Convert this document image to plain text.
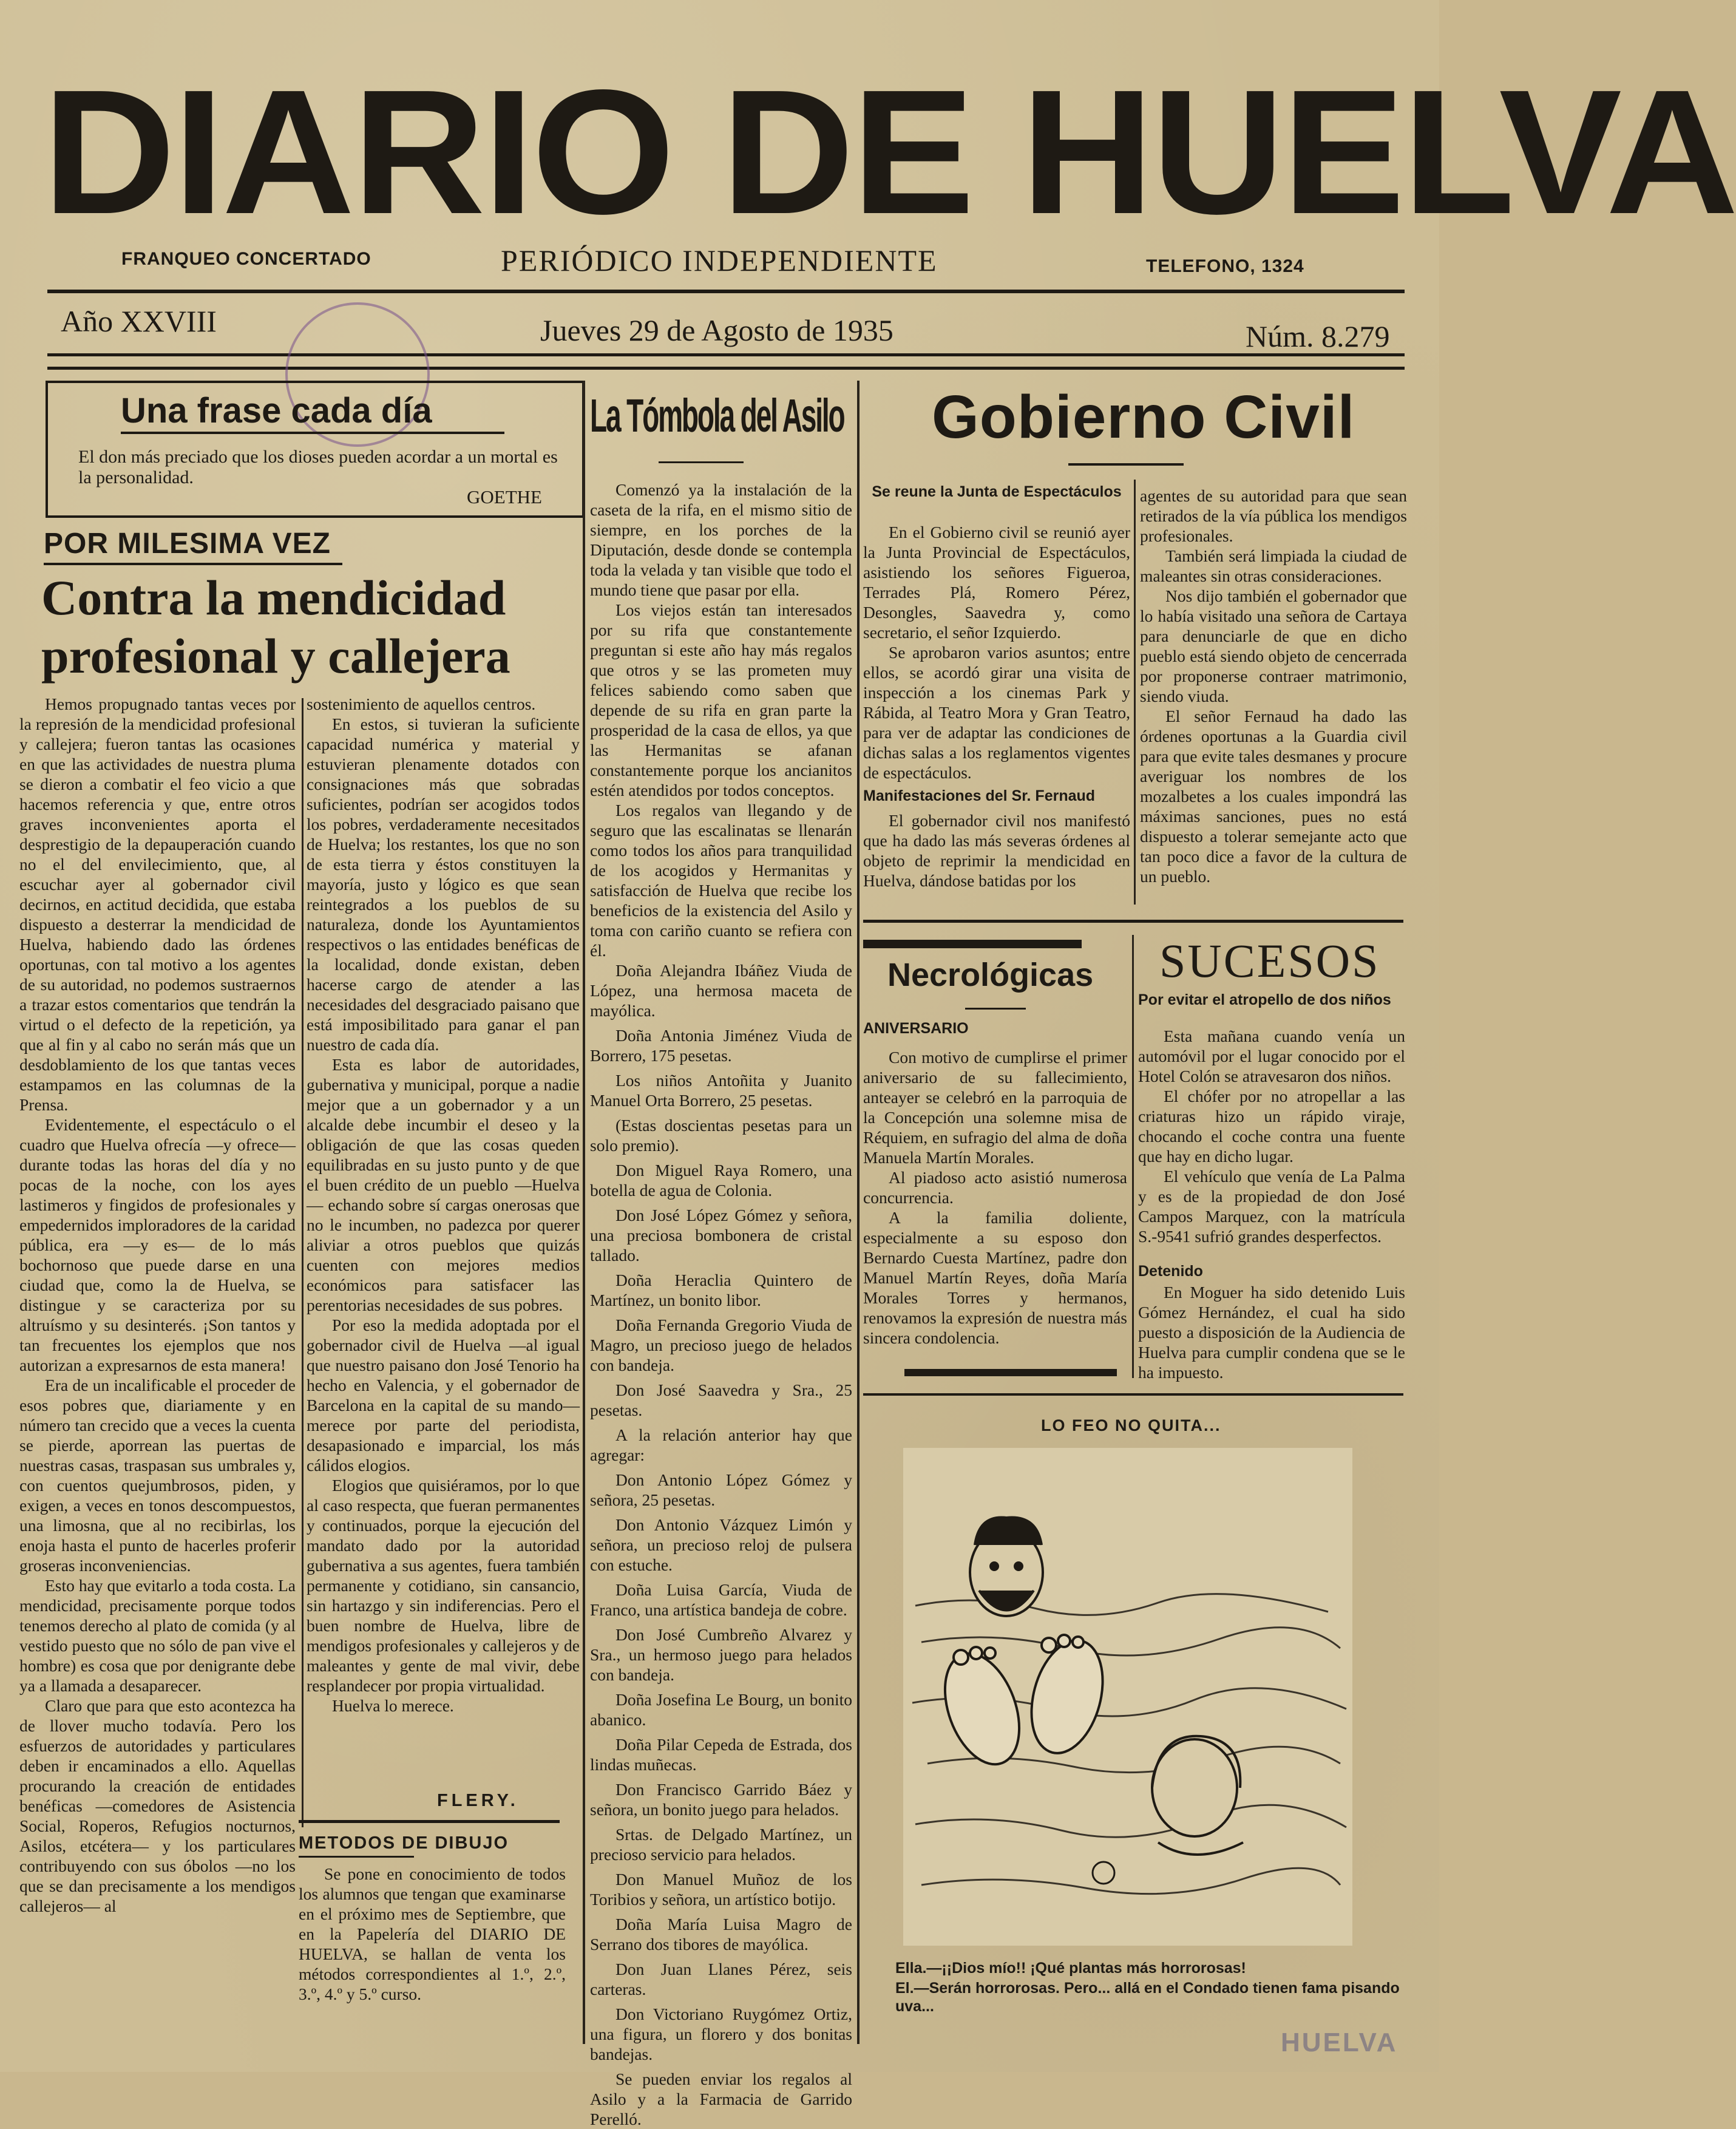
DIARIO DE HUELVA
FRANQUEO CONCERTADO	PERIÓDICO INDEPENDIENTE	TELEFONO, 1324
Año XXVIII	Jueves 29 de Agosto de 1935	Núm. 8.279
Una frase cada día
El don más preciado que los dioses pueden acordar a un mortal es la personalidad.
GOETHE
POR MILESIMA VEZ
Contra la mendicidad
profesional y callejera

Hemos propugnado tantas veces por la represión de la mendicidad profesional y callejera; fueron tantas las ocasiones en que las actividades de nuestra pluma se dieron a combatir el feo vicio a que hacemos referencia y que, entre otros graves inconvenientes aporta el desprestigio de la depauperación cuando no el del envilecimiento, que, al escuchar ayer al gobernador civil decirnos, en actitud decidida, que estaba dispuesto a desterrar la mendicidad de Huelva, habiendo dado las órdenes oportunas, con tal motivo a los agentes de su autoridad, no podemos sustraernos a trazar estos comentarios que tendrán la virtud o el defecto de la repetición, ya que al fin y al cabo no serán más que un desdoblamiento de los que tantas veces estampamos en las columnas de la Prensa.

Evidentemente, el espectáculo o el cuadro que Huelva ofrecía —y ofrece— durante todas las horas del día y no pocas de la noche, con los ayes lastimeros y fingidos de profesionales y empedernidos imploradores de la caridad pública, era —y es— de lo más bochornoso que puede darse en una ciudad que, como la de Huelva, se distingue y se caracteriza por su altruísmo y su desinterés. ¡Son tantos y tan frecuentes los ejemplos que nos autorizan a expresarnos de esta manera!

Era de un incalificable el proceder de esos pobres que, diariamente y en número tan crecido que a veces la cuenta se pierde, aporrean las puertas de nuestras casas, traspasan sus umbrales y, con cuentos quejumbrosos, piden, y exigen, a veces en tonos descompuestos, una limosna, que al no recibirlas, los enoja hasta el punto de hacerles proferir groseras inconveniencias.

Esto hay que evitarlo a toda costa. La mendicidad, precisamente porque todos tenemos derecho al plato de comida (y al vestido puesto que no sólo de pan vive el hombre) es cosa que por denigrante debe ya a llamada a desaparecer.

Claro que para que esto acontezca ha de llover mucho todavía. Pero los esfuerzos de autoridades y particulares deben ir encaminados a ello. Aquellas procurando la creación de entidades benéficas —comedores de Asistencia Social, Roperos, Refugios nocturnos, Asilos, etcétera— y los particulares contribuyendo con sus óbolos —no los que se dan precisamente a los mendigos callejeros— al

sostenimiento de aquellos centros.

En estos, si tuvieran la suficiente capacidad numérica y material y estuvieran plenamente dotados con consignaciones más que sobradas suficientes, podrían ser acogidos todos los pobres, verdaderamente necesitados de Huelva; los restantes, los que no son de esta tierra y éstos constituyen la mayoría, justo y lógico es que sean reintegrados a los pueblos de su naturaleza, donde los Ayuntamientos respectivos o las entidades benéficas de la localidad, donde existan, deben hacerse cargo de atender a las necesidades del desgraciado paisano que está imposibilitado para ganar el pan nuestro de cada día.

Esta es labor de autoridades, gubernativa y municipal, porque a nadie mejor que a un gobernador y a un alcalde debe incumbir el deseo y la obligación de que las cosas queden equilibradas en su justo punto y de que el buen crédito de un pueblo —Huelva— echando sobre sí cargas onerosas que no le incumben, no padezca por querer aliviar a otros pueblos que quizás cuenten con mejores medios económicos para satisfacer las perentorias necesidades de sus pobres.

Por eso la medida adoptada por el gobernador civil de Huelva —al igual que nuestro paisano don José Tenorio ha hecho en Valencia, y el gobernador de Barcelona en la capital de su mando— merece por parte del periodista, desapasionado e imparcial, los más cálidos elogios.

Elogios que quisiéramos, por lo que al caso respecta, que fueran permanentes y continuados, porque la ejecución del mandato dado por la autoridad gubernativa a sus agentes, fuera también permanente y cotidiano, sin cansancio, sin hartazgo y sin indiferencias. Pero el buen nombre de Huelva, libre de mendigos profesionales y callejeros y de maleantes y gente de mal vivir, debe resplandecer por propia virtualidad.

Huelva lo merece.

FLERY.
METODOS DE DIBUJO

Se pone en conocimiento de todos los alumnos que tengan que examinarse en el próximo mes de Septiembre, que en la Papelería del DIARIO DE HUELVA, se hallan de venta los métodos correspondientes al 1.º, 2.º, 3.º, 4.º y 5.º curso.

La Tómbola del Asilo

Comenzó ya la instalación de la caseta de la rifa, en el mismo sitio de siempre, en los porches de la Diputación, desde donde se contempla toda la velada y tan visible que todo el mundo tiene que pasar por ella.

Los viejos están tan interesados por su rifa que constantemente preguntan si este año hay más regalos que otros y se las prometen muy felices sabiendo como saben que depende de su rifa en gran parte la prosperidad de la casa de ellos, ya que las Hermanitas se afanan constantemente porque los ancianitos estén atendidos por todos conceptos.

Los regalos van llegando y de seguro que las escalinatas se llenarán como todos los años para tranquilidad de los acogidos y Hermanitas y satisfacción de Huelva que recibe los beneficios de la existencia del Asilo y toma con cariño cuanto se refiera con él.

Doña Alejandra Ibáñez Viuda de López, una hermosa maceta de mayólica.

Doña Antonia Jiménez Viuda de Borrero, 175 pesetas.

Los niños Antoñita y Juanito Manuel Orta Borrero, 25 pesetas.

(Estas doscientas pesetas para un solo premio).

Don Miguel Raya Romero, una botella de agua de Colonia.

Don José López Gómez y señora, una preciosa bombonera de cristal tallado.

Doña Heraclia Quintero de Martínez, un bonito libor.

Doña Fernanda Gregorio Viuda de Magro, un precioso juego de helados con bandeja.

Don José Saavedra y Sra., 25 pesetas.

A la relación anterior hay que agregar:

Don Antonio López Gómez y señora, 25 pesetas.

Don Antonio Vázquez Limón y señora, un precioso reloj de pulsera con estuche.

Doña Luisa García, Viuda de Franco, una artística bandeja de cobre.

Don José Cumbreño Alvarez y Sra., un hermoso juego para helados con bandeja.

Doña Josefina Le Bourg, un bonito abanico.

Doña Pilar Cepeda de Estrada, dos lindas muñecas.

Don Francisco Garrido Báez y señora, un bonito juego para helados.

Srtas. de Delgado Martínez, un precioso servicio para helados.

Don Manuel Muñoz de los Toribios y señora, un artístico botijo.

Doña María Luisa Magro de Serrano dos tibores de mayólica.

Don Juan Llanes Pérez, seis carteras.

Don Victoriano Ruygómez Ortiz, una figura, un florero y dos bonitas bandejas.

Se pueden enviar los regalos al Asilo y a la Farmacia de Garrido Perelló.

Gobierno Civil
Se reune la Junta de Espectáculos

En el Gobierno civil se reunió ayer la Junta Provincial de Espectáculos, asistiendo los señores Figueroa, Terrades Plá, Romero Pérez, Desongles, Saavedra y, como secretario, el señor Izquierdo.

Se aprobaron varios asuntos; entre ellos, se acordó girar una visita de inspección a los cinemas Park y Rábida, al Teatro Mora y Gran Teatro, para ver de adaptar las condiciones de dichas salas a los reglamentos vigentes de espectáculos.

Manifestaciones del Sr. Fernaud

El gobernador civil nos manifestó que ha dado las más severas órdenes al objeto de reprimir la mendicidad en Huelva, dándose batidas por los

agentes de su autoridad para que sean retirados de la vía pública los mendigos profesionales.

También será limpiada la ciudad de maleantes sin otras consideraciones.

Nos dijo también el gobernador que lo había visitado una señora de Cartaya para denunciarle de que en dicho pueblo está siendo objeto de cencerrada por proponerse contraer matrimonio, siendo viuda.

El señor Fernaud ha dado las órdenes oportunas a la Guardia civil para que evite tales desmanes y procure averiguar los nombres de los mozalbetes a los cuales impondrá las máximas sanciones, pues no está dispuesto a tolerar semejante acto que tan poco dice a favor de la cultura de un pueblo.

Necrológicas
ANIVERSARIO

Con motivo de cumplirse el primer aniversario de su fallecimiento, anteayer se celebró en la parroquia de la Concepción una solemne misa de Réquiem, en sufragio del alma de doña Manuela Martín Morales.

Al piadoso acto asistió numerosa concurrencia.

A la familia doliente, especialmente a su esposo don Bernardo Cuesta Martínez, padre don Manuel Martín Reyes, doña María Morales Torres y hermanos, renovamos la expresión de nuestra más sincera condolencia.

SUCESOS
Por evitar el atropello de dos niños

Esta mañana cuando venía un automóvil por el lugar conocido por el Hotel Colón se atravesaron dos niños.

El chófer por no atropellar a las criaturas hizo un rápido viraje, chocando el coche contra una fuente que hay en dicho lugar.

El vehículo que venía de La Palma y es de la propiedad de don José Campos Marquez, con la matrícula S.-9541 sufrió grandes desperfectos.

Detenido

En Moguer ha sido detenido Luis Gómez Hernández, el cual ha sido puesto a disposición de la Audiencia de Huelva para cumplir condena que se le ha impuesto.

LO FEO NO QUITA...
Ella.—¡¡Dios mío!! ¡Qué plantas más horrorosas!
El.—Serán horrorosas. Pero... allá en el Condado tienen fama pisando uva...
HUELVA
